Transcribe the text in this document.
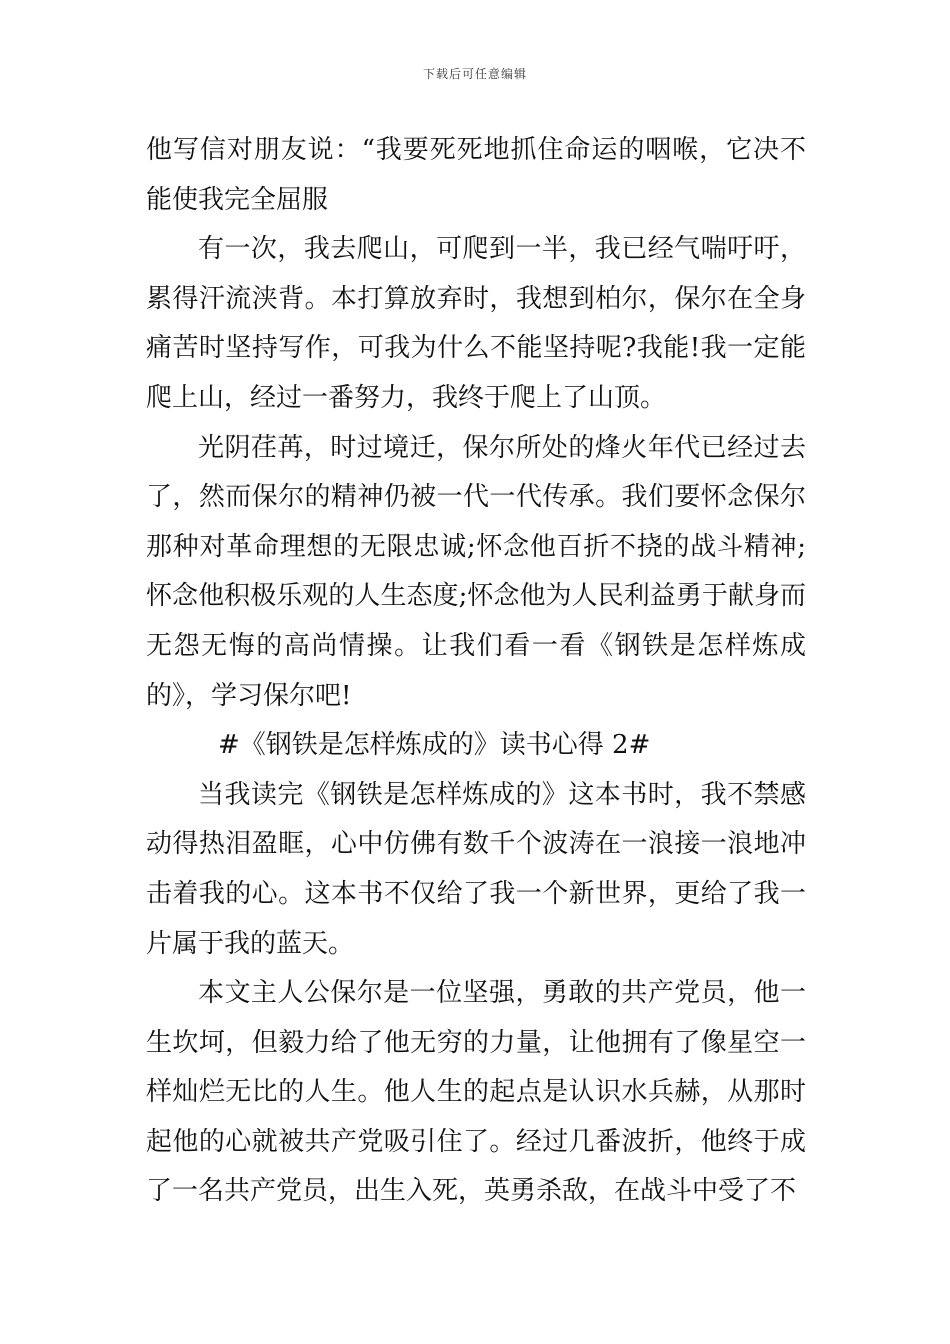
下载后可任意编辑

他写信对朋友说：“我要死死地抓住命运的咽喉，它决不能使我完全屈服

有一次，我去爬山，可爬到一半，我已经气喘吁吁，累得汗流浃背。本打算放弃时，我想到柏尔，保尔在全身痛苦时坚持写作，可我为什么不能坚持呢?我能!我一定能爬上山，经过一番努力，我终于爬上了山顶。

光阴荏苒，时过境迁，保尔所处的烽火年代已经过去了，然而保尔的精神仍被一代一代传承。我们要怀念保尔那种对革命理想的无限忠诚;怀念他百折不挠的战斗精神;怀念他积极乐观的人生态度;怀念他为人民利益勇于献身而无怨无悔的高尚情操。让我们看一看《钢铁是怎样炼成的》，学习保尔吧!

#《钢铁是怎样炼成的》读书心得 2#

当我读完《钢铁是怎样炼成的》这本书时，我不禁感动得热泪盈眶，心中仿佛有数千个波涛在一浪接一浪地冲击着我的心。这本书不仅给了我一个新世界，更给了我一片属于我的蓝天。

本文主人公保尔是一位坚强，勇敢的共产党员，他一生坎坷，但毅力给了他无穷的力量，让他拥有了像星空一样灿烂无比的人生。他人生的起点是认识水兵赫，从那时起他的心就被共产党吸引住了。经过几番波折，他终于成了一名共产党员，出生入死，英勇杀敌，在战斗中受了不
